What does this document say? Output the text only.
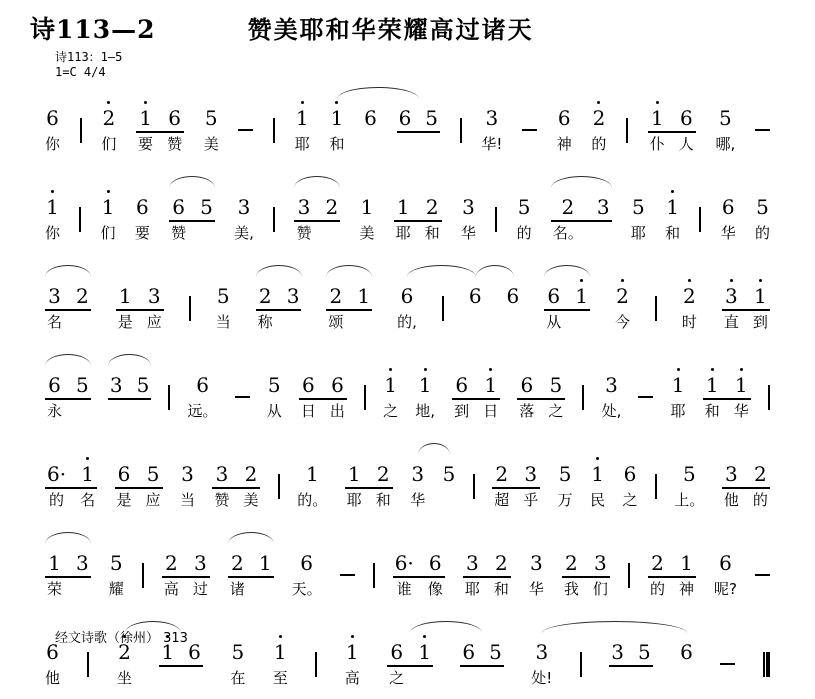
诗113—2	赞美耶和华荣耀高过诸天
诗113：1—5
1=C 4/4
6
你
2
们
1
要
6
赞
5
美
1
耶
1
和
6 6 5 3
华!
6
神
2
的
1
仆
6
人
5
哪,
1
你
1
们
6
要
6
赞
5 3
美,
3
赞
2 1
美
1
耶
2
和
3
华
5
的
2
名。
3 5
耶
1
和
6
华
5
的
3
名
2 1
是
3
应
5
当
2
称
3 2
颂
1 6
的,
6 6 6
从
1 2
今
2
时
3
直
1
到
6
永
5 3 5 6
远。
5
从
6
日
6
出
1
之
1
地,
6
到
1
日
6
落
5
之
3
处,
1
耶
1
和
1
华
6·
的
1
名
6
是
5
应
3
当
3
赞
2
美
1
的。
1
耶
2
和
3
华
5 2
超
3
乎
5
万
1
民
6
之
5
上。
3
他
2
的
1
荣
3 5
耀
2
高
3
过
2
诸
1 6
天。
6·
谁
6
像
3
耶
2
和
3
华
2
我
3
们
2
的
1
神
6
呢?
6
他
2
坐
1 6 5
在
1
至
1
高
6
之
1 6 5 3
处!
3 5 6
经文诗歌（徐州） 313
